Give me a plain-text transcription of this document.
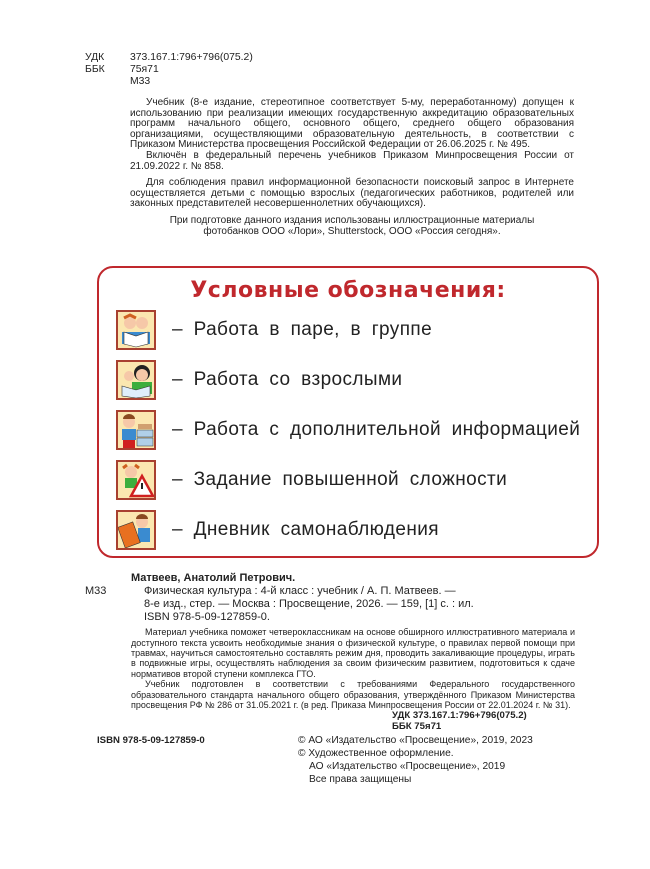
УДК 373.167.1:796+796(075.2)
ББК 75я71
М33

Учебник (8-е издание, стереотипное соответствует 5-му, переработанному) допущен к использованию при реализации имеющих государственную аккредитацию образовательных программ начального общего, основного общего, среднего общего образования организациями, осуществляющими образовательную деятельность, в соответствии с Приказом Министерства просвещения Российской Федерации от 26.06.2025 г. № 495.

Включён в федеральный перечень учебников Приказом Минпросвещения России от 21.09.2022 г. № 858.

Для соблюдения правил информационной безопасности поисковый запрос в Интернете осуществляется детьми с помощью взрослых (педагогических работников, родителей или законных представителей несовершеннолетних обучающихся).

При подготовке данного издания использованы иллюстрационные материалы
фотобанков ООО «Лори», Shutterstock, ООО «Россия сегодня».
Условные обозначения:
– Работа в паре, в группе
– Работа со взрослыми
– Работа с дополнительной информацией
– Задание повышенной сложности
– Дневник самонаблюдения
Матвеев, Анатолий Петрович.
М33	Физическая культура : 4-й класс : учебник / А. П. Матвеев. —
8-е изд., стер. — Москва : Просвещение, 2026. — 159, [1] с. : ил.
ISBN 978-5-09-127859-0.

Материал учебника поможет четвероклассникам на основе обширного иллюстративного материала и доступного текста усвоить необходимые знания о физической культуре, о правилах первой помощи при травмах, научиться самостоятельно составлять режим дня, проводить закаливающие процедуры, играть в подвижные игры, осуществлять наблюдения за своим физическим развитием, подготовиться к сдаче нормативов второй ступени комплекса ГТО.

Учебник подготовлен в соответствии с требованиями Федерального государственного образовательного стандарта начального общего образования, утверждённого Приказом Министерства просвещения РФ № 286 от 31.05.2021 г. (в ред. Приказа Минпросвещения России от 22.01.2024 г. № 31).

УДК 373.167.1:796+796(075.2)
ББК 75я71
ISBN 978-5-09-127859-0	© АО «Издательство «Просвещение», 2019, 2023
© Художественное оформление.
АО «Издательство «Просвещение», 2019
Все права защищены
